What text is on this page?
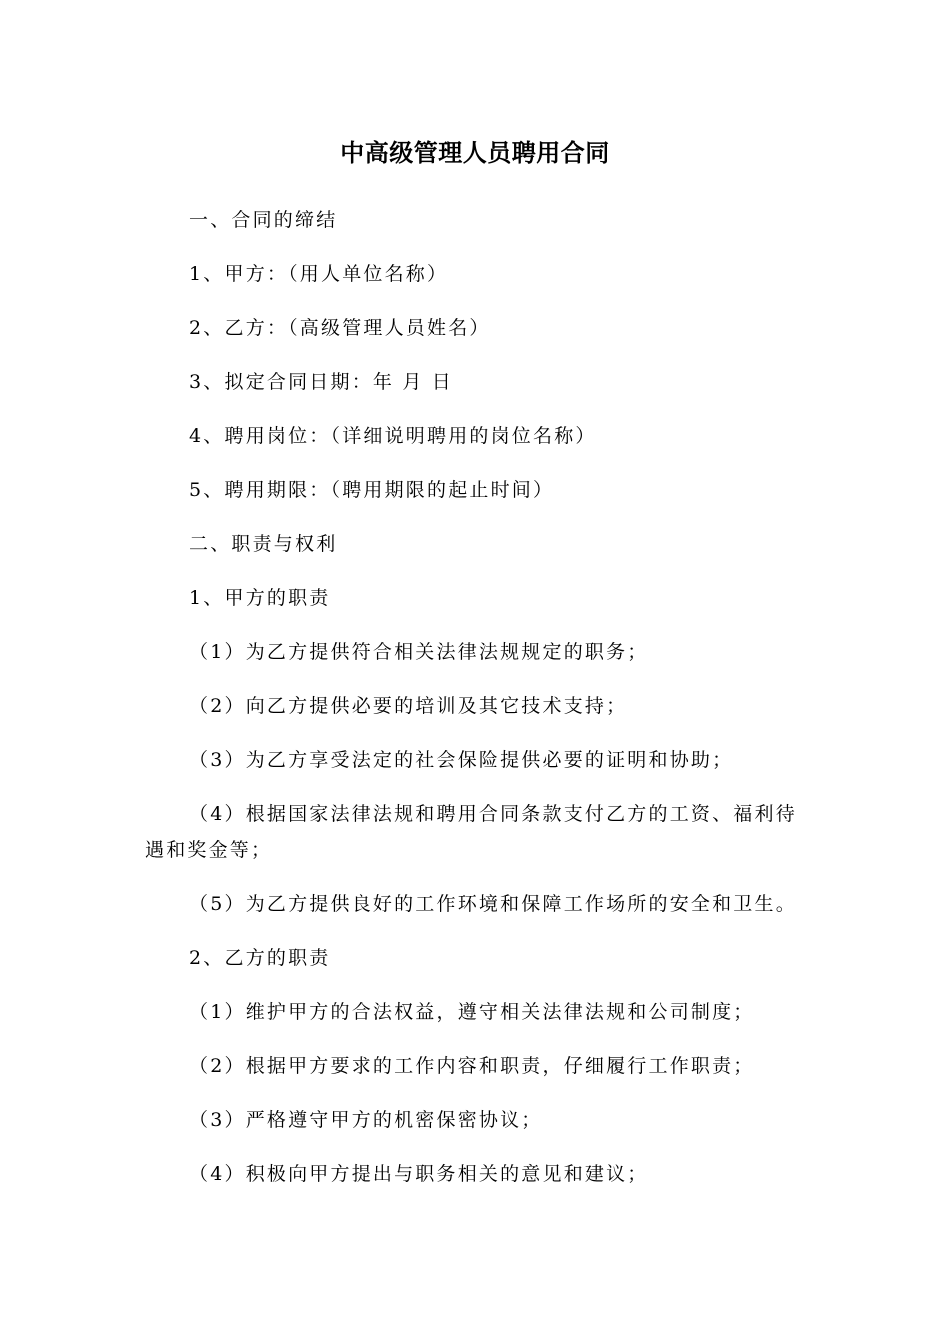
中高级管理人员聘用合同

一、合同的缔结

1、甲方：（用人单位名称）

2、乙方：（高级管理人员姓名）

3、拟定合同日期：年 月 日

4、聘用岗位：（详细说明聘用的岗位名称）

5、聘用期限：（聘用期限的起止时间）

二、职责与权利

1、甲方的职责

（1）为乙方提供符合相关法律法规规定的职务；

（2）向乙方提供必要的培训及其它技术支持；

（3）为乙方享受法定的社会保险提供必要的证明和协助；

（4）根据国家法律法规和聘用合同条款支付乙方的工资、福利待遇和奖金等；

（5）为乙方提供良好的工作环境和保障工作场所的安全和卫生。

2、乙方的职责

（1）维护甲方的合法权益，遵守相关法律法规和公司制度；

（2）根据甲方要求的工作内容和职责，仔细履行工作职责；

（3）严格遵守甲方的机密保密协议；

（4）积极向甲方提出与职务相关的意见和建议；
